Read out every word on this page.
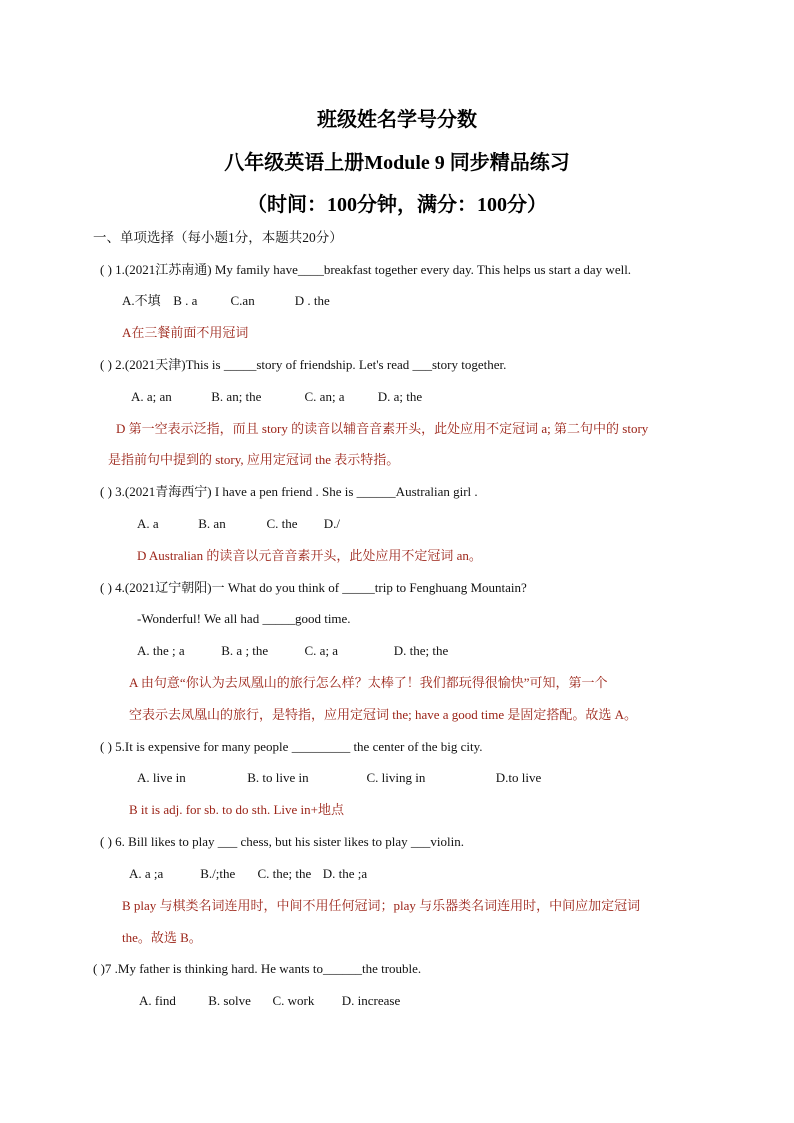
班级姓名学号分数
八年级英语上册Module 9 同步精品练习
（时间：100分钟，满分：100分）
一、单项选择（每小题1分，本题共20分）
( ) 1.(2021江苏南通) My family have____breakfast together every day. This helps us start a day well.
A.不填 B . a	C.an	D . the
A在三餐前面不用冠词
( ) 2.(2021天津)This is _____story of friendship. Let's read ___story together.
A. a; an	B. an; the	C. an; a	D. a; the
D 第一空表示泛指，而且 story 的读音以辅音音素开头，此处应用不定冠词 a; 第二句中的 story
是指前句中提到的 story, 应用定冠词 the 表示特指。
( ) 3.(2021青海西宁) I have a pen friend . She is ______Australian girl .
A. a	B. an	C. the D./
D Australian 的读音以元音音素开头，此处应用不定冠词 an。
( ) 4.(2021辽宁朝阳)一 What do you think of _____trip to Fenghuang Mountain?
-Wonderful! We all had _____good time.
A. the ; a	B. a ; the	C. a; a	D. the; the
A 由句意“你认为去凤凰山的旅行怎么样？太棒了！我们都玩得很愉快”可知，第一个
空表示去凤凰山的旅行，是特指，应用定冠词 the; have a good time 是固定搭配。故选 A。
( ) 5.It is expensive for many people _________ the center of the big city.
A. live in	B. to live in	C. living in	D.to live
B it is adj. for sb. to do sth. Live in+地点
( ) 6. Bill likes to play ___ chess, but his sister likes to play ___violin.
A. a ;a	B./;the C. the; the D. the ;a
B play 与棋类名词连用时，中间不用任何冠词；play 与乐器类名词连用时，中间应加定冠词
the。故选 B。
( )7 .My father is thinking hard. He wants to______the trouble.
A. find B. solve C. work D. increase
